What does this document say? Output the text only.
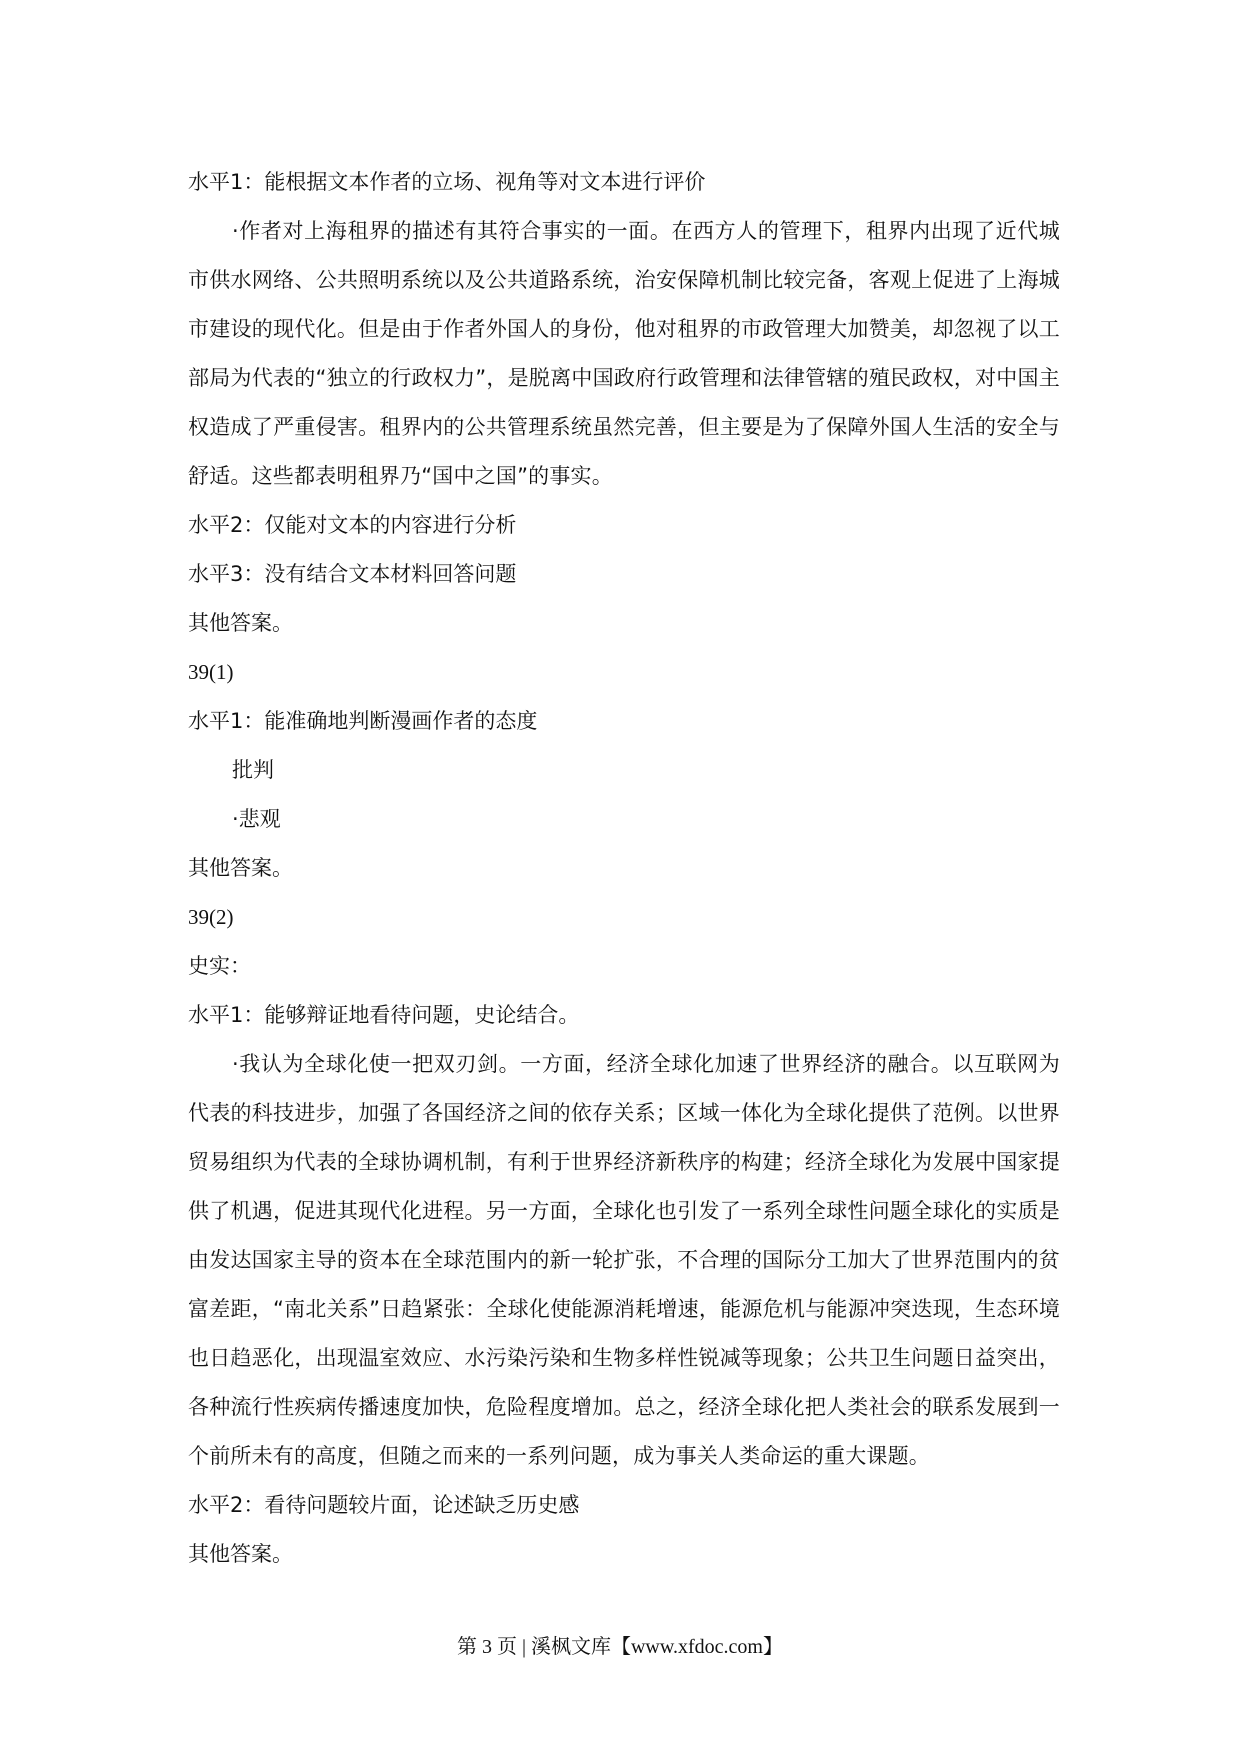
水平1：能根据文本作者的立场、视角等对文本进行评价

·作者对上海租界的描述有其符合事实的一面。在西方人的管理下，租界内出现了近代城市供水网络、公共照明系统以及公共道路系统，治安保障机制比较完备，客观上促进了上海城市建设的现代化。但是由于作者外国人的身份，他对租界的市政管理大加赞美，却忽视了以工部局为代表的“独立的行政权力”，是脱离中国政府行政管理和法律管辖的殖民政权，对中国主权造成了严重侵害。租界内的公共管理系统虽然完善，但主要是为了保障外国人生活的安全与舒适。这些都表明租界乃“国中之国”的事实。

水平2：仅能对文本的内容进行分析
水平3：没有结合文本材料回答问题
其他答案。
39(1)
水平1：能准确地判断漫画作者的态度
批判
·悲观
其他答案。
39(2)
史实：
水平1：能够辩证地看待问题，史论结合。

·我认为全球化使一把双刃剑。一方面，经济全球化加速了世界经济的融合。以互联网为代表的科技进步，加强了各国经济之间的依存关系；区域一体化为全球化提供了范例。以世界贸易组织为代表的全球协调机制，有利于世界经济新秩序的构建；经济全球化为发展中国家提供了机遇，促进其现代化进程。另一方面，全球化也引发了一系列全球性问题全球化的实质是由发达国家主导的资本在全球范围内的新一轮扩张，不合理的国际分工加大了世界范围内的贫富差距，“南北关系”日趋紧张：全球化使能源消耗增速，能源危机与能源冲突迭现，生态环境也日趋恶化，出现温室效应、水污染污染和生物多样性锐减等现象；公共卫生问题日益突出，各种流行性疾病传播速度加快，危险程度增加。总之，经济全球化把人类社会的联系发展到一个前所未有的高度，但随之而来的一系列问题，成为事关人类命运的重大课题。

水平2：看待问题较片面，论述缺乏历史感
其他答案。
第 3 页 | 溪枫文库【www.xfdoc.com】
